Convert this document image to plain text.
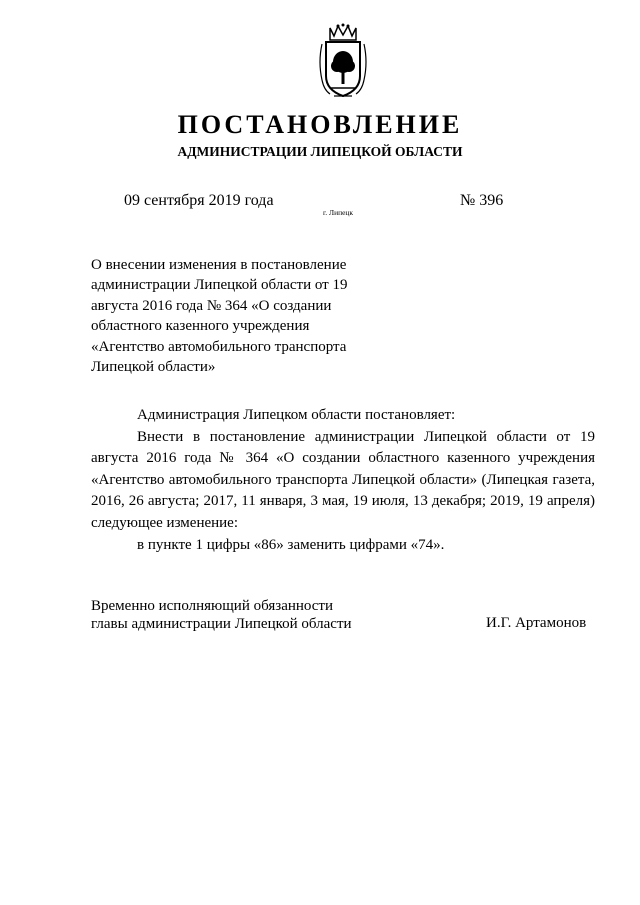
ПОСТАНОВЛЕНИЕ
АДМИНИСТРАЦИИ ЛИПЕЦКОЙ ОБЛАСТИ
09 сентября 2019 года
г. Липецк
№ 396
О внесении изменения в постановление
администрации Липецкой области от 19
августа 2016 года № 364 «О создании
областного казенного учреждения
«Агентство автомобильного транспорта
Липецкой области»
Администрация Липецком области постановляет:
Внести в постановление администрации Липецкой области от 19 августа 2016 года № 364 «О создании областного казенного учреждения «Агентство автомобильного транспорта Липецкой области» (Липецкая газета, 2016, 26 августа; 2017, 11 января, 3 мая, 19 июля, 13 декабря; 2019, 19 апреля) следующее изменение:
в пункте 1 цифры «86» заменить цифрами «74».
Временно исполняющий обязанности
главы администрации Липецкой области	И.Г. Артамонов
